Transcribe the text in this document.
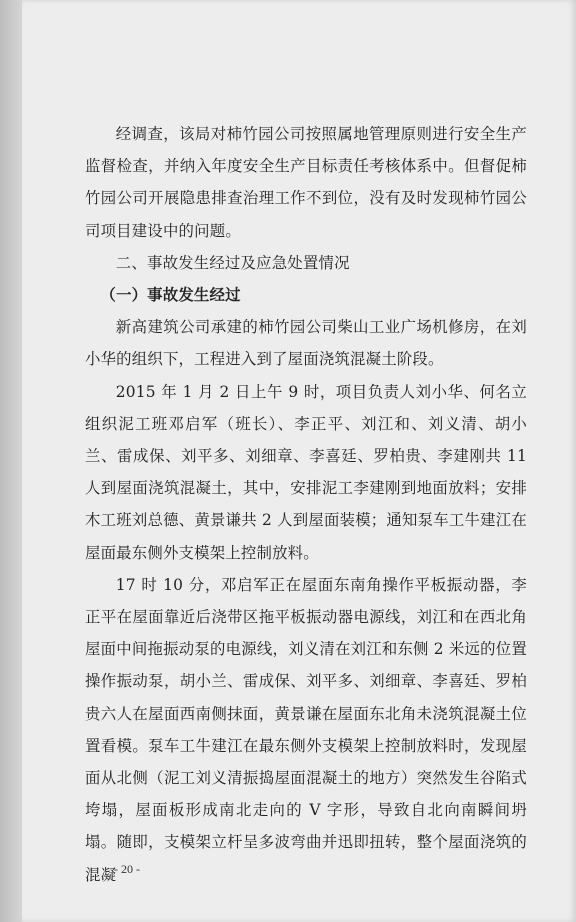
经调查，该局对柿竹园公司按照属地管理原则进行安全生产监督检查，并纳入年度安全生产目标责任考核体系中。但督促柿竹园公司开展隐患排查治理工作不到位，没有及时发现柿竹园公司项目建设中的问题。

二、事故发生经过及应急处置情况

（一）事故发生经过

新高建筑公司承建的柿竹园公司柴山工业广场机修房，在刘小华的组织下，工程进入到了屋面浇筑混凝土阶段。

2015 年 1 月 2 日上午 9 时，项目负责人刘小华、何名立组织泥工班邓启军（班长）、李正平、刘江和、刘义清、胡小兰、雷成保、刘平多、刘细章、李喜廷、罗柏贵、李建刚共 11 人到屋面浇筑混凝土，其中，安排泥工李建刚到地面放料；安排木工班刘总德、黄景谦共 2 人到屋面装模；通知泵车工牛建江在屋面最东侧外支模架上控制放料。

17 时 10 分，邓启军正在屋面东南角操作平板振动器，李正平在屋面靠近后浇带区拖平板振动器电源线，刘江和在西北角屋面中间拖振动泵的电源线，刘义清在刘江和东侧 2 米远的位置操作振动泵，胡小兰、雷成保、刘平多、刘细章、李喜廷、罗柏贵六人在屋面西南侧抹面，黄景谦在屋面东北角未浇筑混凝土位置看模。泵车工牛建江在最东侧外支模架上控制放料时，发现屋面从北侧（泥工刘义清振捣屋面混凝土的地方）突然发生谷陷式垮塌，屋面板形成南北走向的 V 字形，导致自北向南瞬间坍塌。随即，支模架立杆呈多波弯曲并迅即扭转，整个屋面浇筑的混凝

- 20 -
